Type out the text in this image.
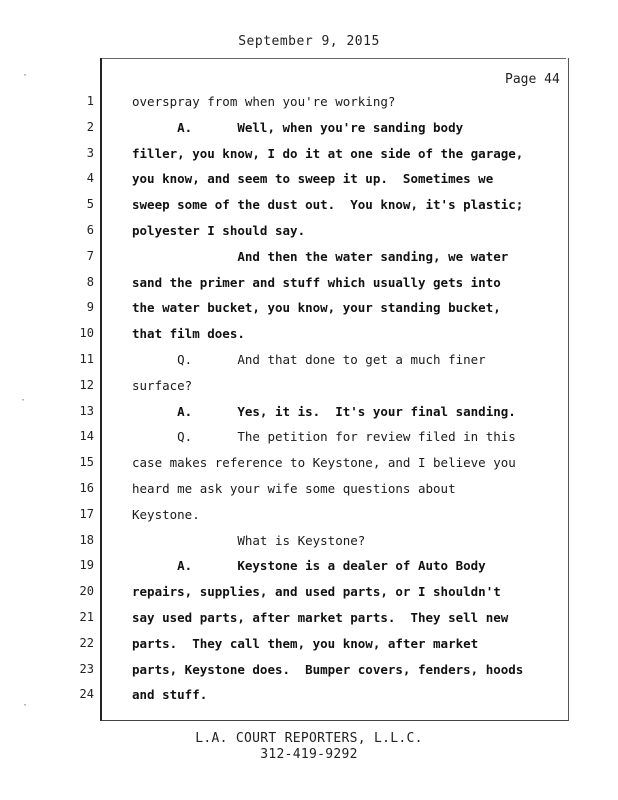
September 9, 2015
Page 44
1	overspray from when you're working?
2	A.      Well, when you're sanding body
3	filler, you know, I do it at one side of the garage,
4	you know, and seem to sweep it up.  Sometimes we
5	sweep some of the dust out.  You know, it's plastic;
6	polyester I should say.
7	And then the water sanding, we water
8	sand the primer and stuff which usually gets into
9	the water bucket, you know, your standing bucket,
10	that film does.
11	Q.      And that done to get a much finer
12	surface?
13	A.      Yes, it is.  It's your final sanding.
14	Q.      The petition for review filed in this
15	case makes reference to Keystone, and I believe you
16	heard me ask your wife some questions about
17	Keystone.
18	What is Keystone?
19	A.      Keystone is a dealer of Auto Body
20	repairs, supplies, and used parts, or I shouldn't
21	say used parts, after market parts.  They sell new
22	parts.  They call them, you know, after market
23	parts, Keystone does.  Bumper covers, fenders, hoods
24	and stuff.
L.A. COURT REPORTERS, L.L.C.
312-419-9292
·
·
·
